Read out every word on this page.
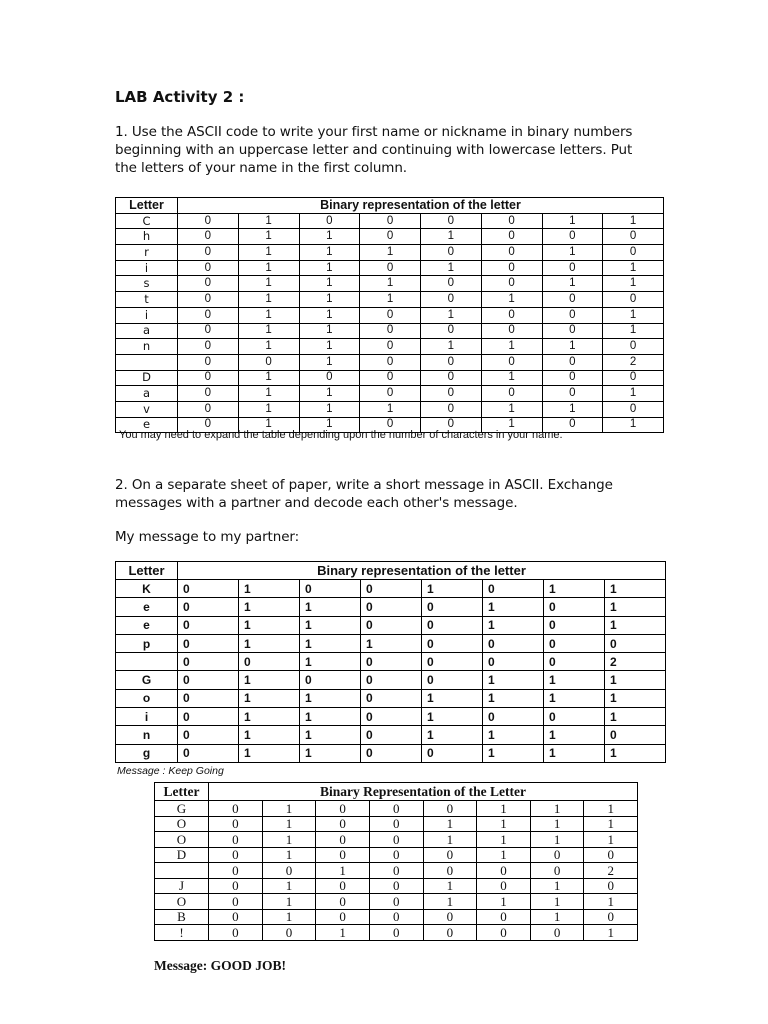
LAB Activity 2 :
1. Use the ASCII code to write your first name or nickname in binary numbers beginning with an uppercase letter and continuing with lowercase letters. Put the letters of your name in the first column.
Letter	Binary representation of the letter							
C	0	1	0	0	0	0	1	1
h	0	1	1	0	1	0	0	0
r	0	1	1	1	0	0	1	0
i	0	1	1	0	1	0	0	1
s	0	1	1	1	0	0	1	1
t	0	1	1	1	0	1	0	0
i	0	1	1	0	1	0	0	1
a	0	1	1	0	0	0	0	1
n	0	1	1	0	1	1	1	0
	0	0	1	0	0	0	0	2
D	0	1	0	0	0	1	0	0
a	0	1	1	0	0	0	0	1
v	0	1	1	1	0	1	1	0
e	0	1	1	0	0	1	0	1
You may need to expand the table depending upon the number of characters in your name.
2. On a separate sheet of paper, write a short message in ASCII. Exchange messages with a partner and decode each other's message.
My message to my partner:
Letter	Binary representation of the letter							
K	0	1	0	0	1	0	1	1
e	0	1	1	0	0	1	0	1
e	0	1	1	0	0	1	0	1
p	0	1	1	1	0	0	0	0
	0	0	1	0	0	0	0	2
G	0	1	0	0	0	1	1	1
o	0	1	1	0	1	1	1	1
i	0	1	1	0	1	0	0	1
n	0	1	1	0	1	1	1	0
g	0	1	1	0	0	1	1	1
Message : Keep Going
Letter	Binary Representation of the Letter							
G	0	1	0	0	0	1	1	1
O	0	1	0	0	1	1	1	1
O	0	1	0	0	1	1	1	1
D	0	1	0	0	0	1	0	0
	0	0	1	0	0	0	0	2
J	0	1	0	0	1	0	1	0
O	0	1	0	0	1	1	1	1
B	0	1	0	0	0	0	1	0
!	0	0	1	0	0	0	0	1
Message: GOOD JOB!
